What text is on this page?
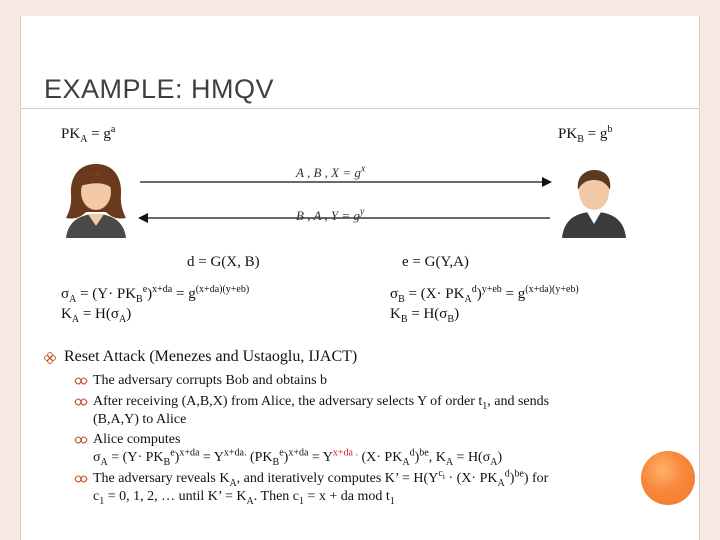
EXAMPLE: HMQV
$PK_A = g^a$	$PK_B = g^b$
A , B , $X = g^x$
B , A , $Y = g^y$
d = G(X, B)	e = G(Y,A)
$\sigma_A = (Y\cdot PK_B^e)^{x+da} = g^{(x+da)(y+eb)}$
$K_A = H(\sigma_A)$
$\sigma_B = (X\cdot PK_A^d)^{y+eb} = g^{(x+da)(y+eb)}$
$K_B = H(\sigma_B)$
Reset Attack (Menezes and Ustaoglu, IJACT)
The adversary corrupts Bob and obtains b
After receiving (A,B,X) from Alice, the adversary selects Y of order $t_1$, and sends
(B,A,Y) to Alice
Alice computes
$\sigma_A = (Y\cdot PK_B^e)^{x+da} = Y^{x+da.}$ $(PK_B^e)^{x+da} = Y^{x+da .}$ $(X\cdot PK_A^d)^{be}$, $K_A = H(\sigma_A)$
The adversary reveals $K_A$, and iteratively computes K’ = $H(Y^{c_i} \cdot (X\cdot PK_A^d)^{be})$ for
$c_1 = 0$, 1, 2, … until K’ = $K_A$. Then $c_1 = x$ + da mod $t_1$
